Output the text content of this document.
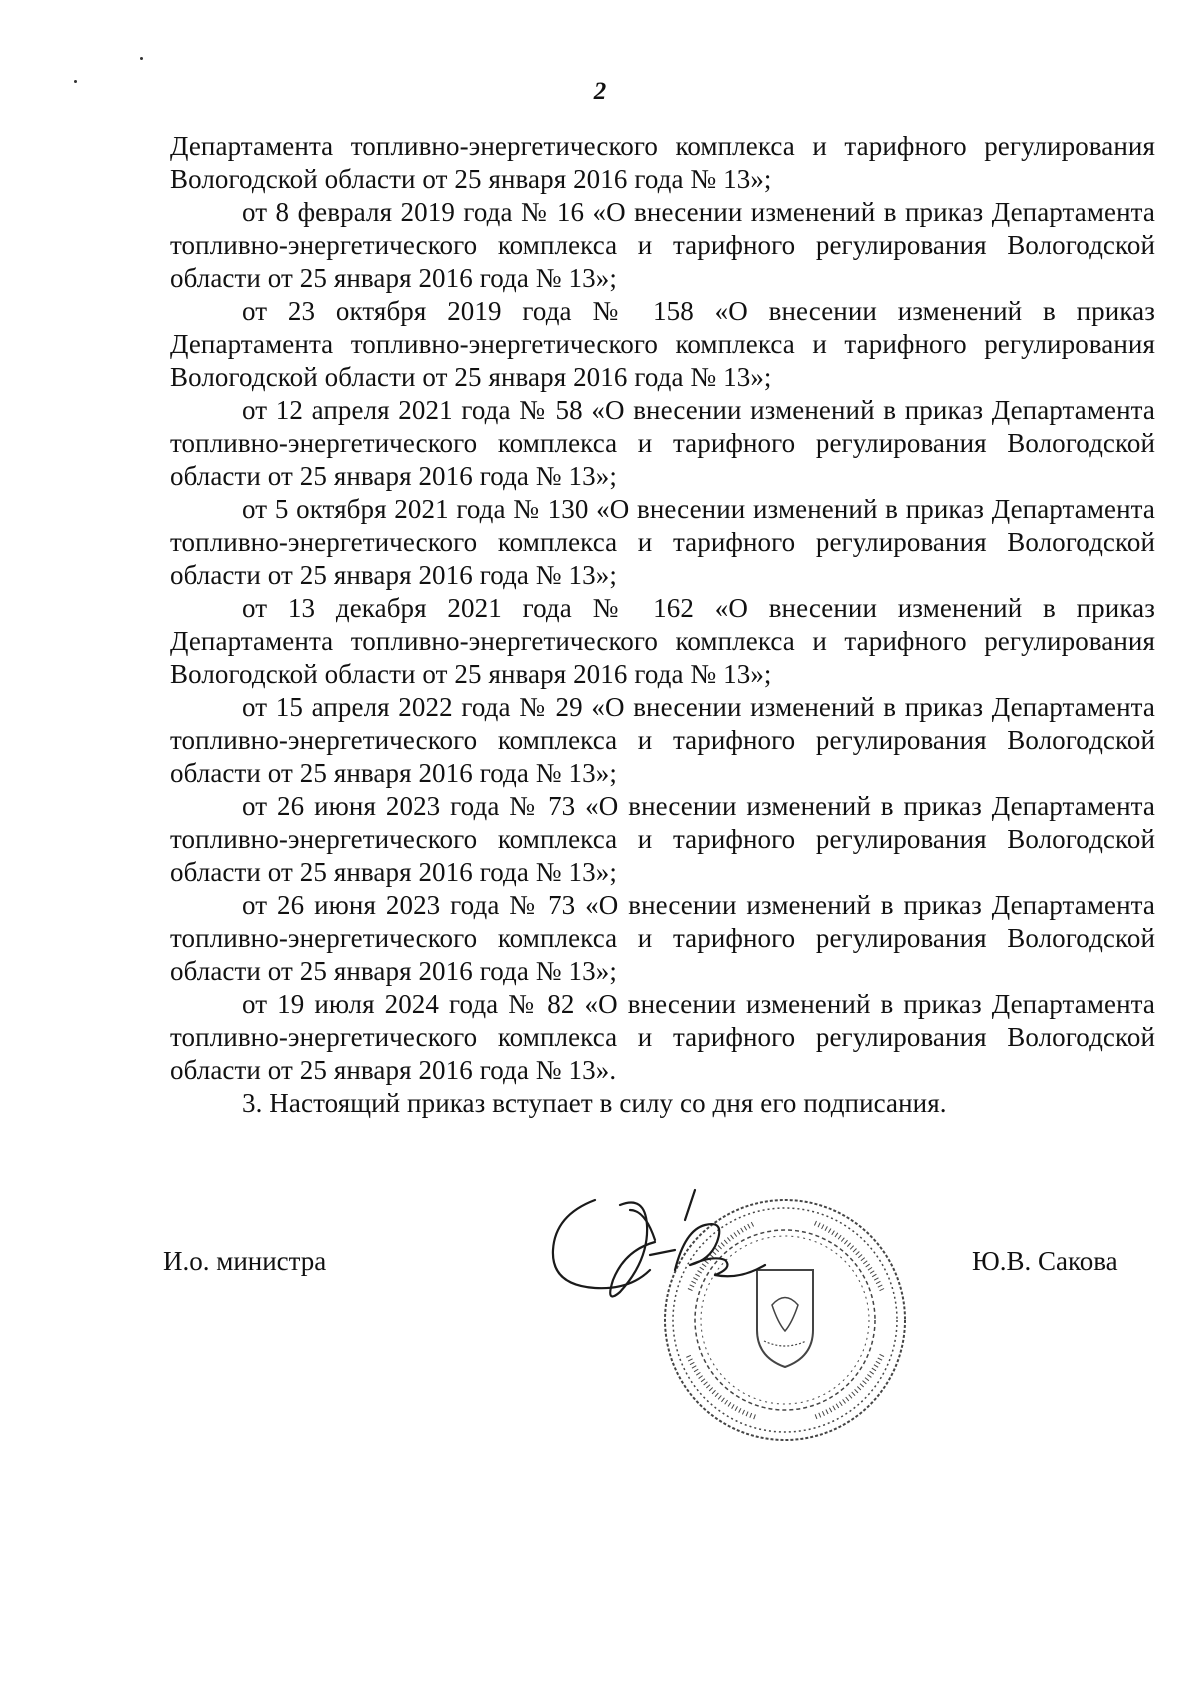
2

Департамента топливно-энергетического комплекса и тарифного регулирования Вологодской области от 25 января 2016 года № 13»;

от 8 февраля 2019 года № 16 «О внесении изменений в приказ Департамента топливно-энергетического комплекса и тарифного регулирования Вологодской области от 25 января 2016 года № 13»;

от 23 октября 2019 года № 158 «О внесении изменений в приказ Департамента топливно-энергетического комплекса и тарифного регулирования Вологодской области от 25 января 2016 года № 13»;

от 12 апреля 2021 года № 58 «О внесении изменений в приказ Департамента топливно-энергетического комплекса и тарифного регулирования Вологодской области от 25 января 2016 года № 13»;

от 5 октября 2021 года № 130 «О внесении изменений в приказ Департамента топливно-энергетического комплекса и тарифного регулирования Вологодской области от 25 января 2016 года № 13»;

от 13 декабря 2021 года № 162 «О внесении изменений в приказ Департамента топливно-энергетического комплекса и тарифного регулирования Вологодской области от 25 января 2016 года № 13»;

от 15 апреля 2022 года № 29 «О внесении изменений в приказ Департамента топливно-энергетического комплекса и тарифного регулирования Вологодской области от 25 января 2016 года № 13»;

от 26 июня 2023 года № 73 «О внесении изменений в приказ Департамента топливно-энергетического комплекса и тарифного регулирования Вологодской области от 25 января 2016 года № 13»;

от 26 июня 2023 года № 73 «О внесении изменений в приказ Департамента топливно-энергетического комплекса и тарифного регулирования Вологодской области от 25 января 2016 года № 13»;

от 19 июля 2024 года № 82 «О внесении изменений в приказ Департамента топливно-энергетического комплекса и тарифного регулирования Вологодской области от 25 января 2016 года № 13».

3. Настоящий приказ вступает в силу со дня его подписания.

И.о. министра	Ю.В. Сакова
